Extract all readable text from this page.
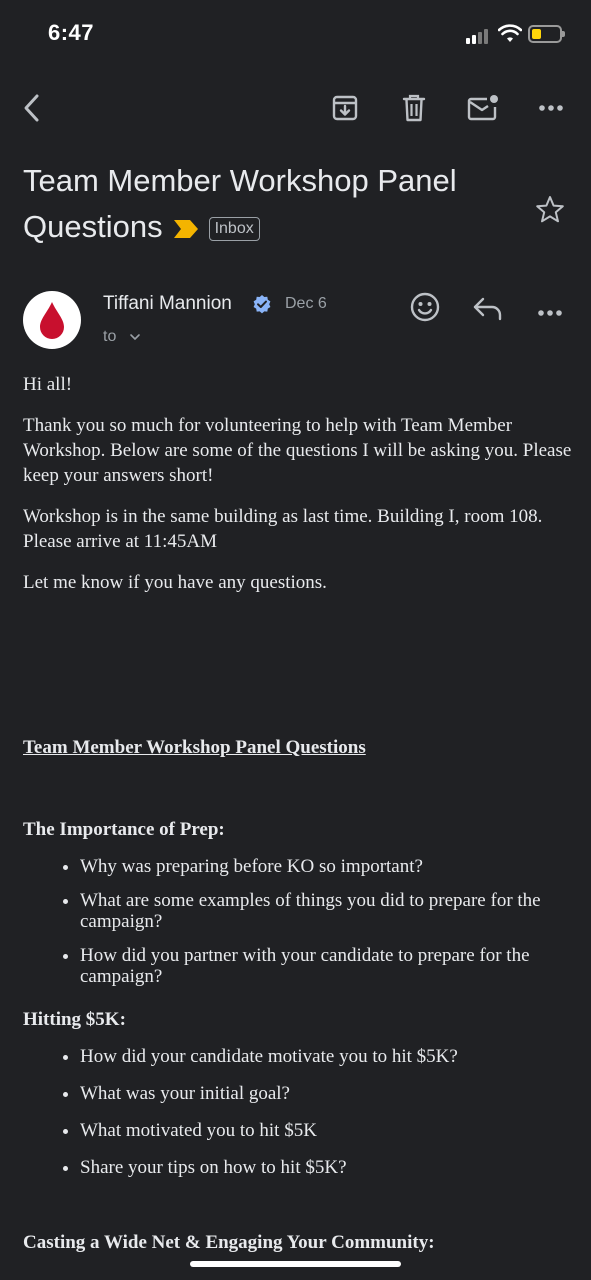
6:47
Team Member Workshop Panel Questions	Inbox
Tiffani Mannion	Dec 6
to

Hi all!

Thank you so much for volunteering to help with Team Member Workshop. Below are some of the questions I will be asking you. Please keep your answers short!

Workshop is in the same building as last time. Building I, room 108. Please arrive at 11:45AM

Let me know if you have any questions.

Team Member Workshop Panel Questions

The Importance of Prep:

• Why was preparing before KO so important?
• What are some examples of things you did to prepare for the campaign?
• How did you partner with your candidate to prepare for the campaign?

Hitting $5K:

• How did your candidate motivate you to hit $5K?
• What was your initial goal?
• What motivated you to hit $5K
• Share your tips on how to hit $5K?

Casting a Wide Net & Engaging Your Community:
